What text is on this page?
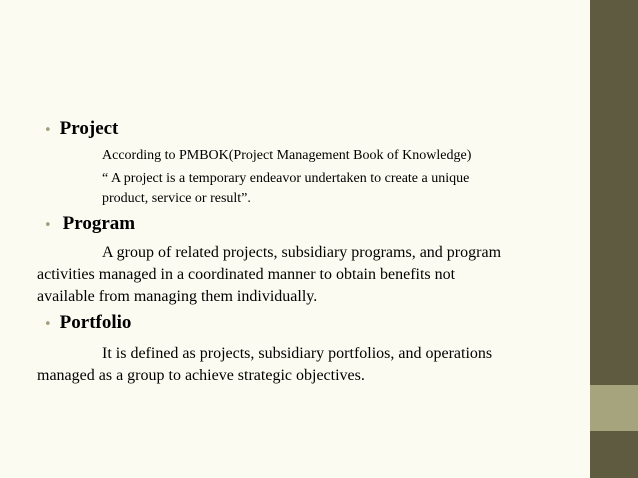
• Project
According to PMBOK(Project Management Book of Knowledge)
“ A project is a temporary endeavor undertaken to create a unique
product, service or result”.
• Program
A group of related projects, subsidiary programs, and program
activities managed in a coordinated manner to obtain benefits not
available from managing them individually.
• Portfolio
It is defined as projects, subsidiary portfolios, and operations
managed as a group to achieve strategic objectives.
